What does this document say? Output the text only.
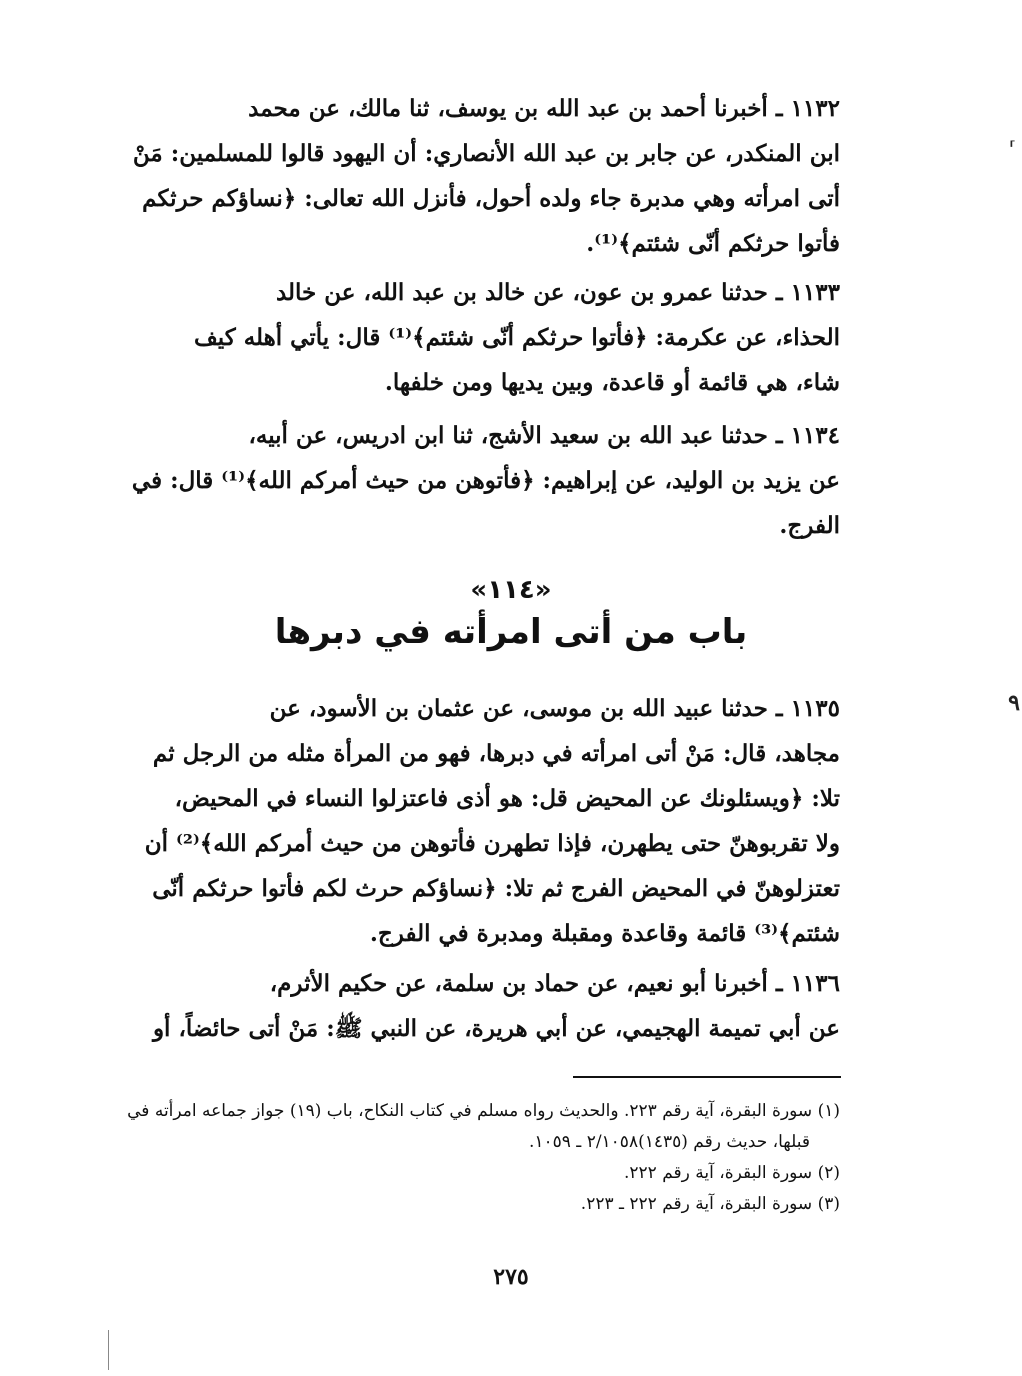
⸢
٩
١١٣٢ ـ أخبرنا أحمد بن عبد الله بن يوسف، ثنا مالك، عن محمد
ابن المنكدر، عن جابر بن عبد الله الأنصاري: أن اليهود قالوا للمسلمين: مَنْ
أتى امرأته وهي مدبرة جاء ولده أحول، فأنزل الله تعالى: ﴿نساؤكم حرثكم
فأتوا حرثكم أنّى شئتم﴾⁽¹⁾.
١١٣٣ ـ حدثنا عمرو بن عون، عن خالد بن عبد الله، عن خالد
الحذاء، عن عكرمة: ﴿فأتوا حرثكم أنّى شئتم﴾⁽¹⁾ قال: يأتي أهله كيف
شاء، هي قائمة أو قاعدة، وبين يديها ومن خلفها.
١١٣٤ ـ حدثنا عبد الله بن سعيد الأشج، ثنا ابن ادريس، عن أبيه،
عن يزيد بن الوليد، عن إبراهيم: ﴿فأتوهن من حيث أمركم الله﴾⁽¹⁾ قال: في
الفرج.
«١١٤»
باب من أتى امرأته في دبرها
١١٣٥ ـ حدثنا عبيد الله بن موسى، عن عثمان بن الأسود، عن
مجاهد، قال: مَنْ أتى امرأته في دبرها، فهو من المرأة مثله من الرجل ثم
تلا: ﴿ويسئلونك عن المحيض قل: هو أذى فاعتزلوا النساء في المحيض،
ولا تقربوهنّ حتى يطهرن، فإذا تطهرن فأتوهن من حيث أمركم الله﴾⁽²⁾ أن
تعتزلوهنّ في المحيض الفرج ثم تلا: ﴿نساؤكم حرث لكم فأتوا حرثكم أنّى
شئتم﴾⁽³⁾ قائمة وقاعدة ومقبلة ومدبرة في الفرج.
١١٣٦ ـ أخبرنا أبو نعيم، عن حماد بن سلمة، عن حكيم الأثرم،
عن أبي تميمة الهجيمي، عن أبي هريرة، عن النبي ﷺ: مَنْ أتى حائضاً، أو
(١) سورة البقرة، آية رقم ٢٢٣. والحديث رواه مسلم في كتاب النكاح، باب (١٩) جواز جماعه امرأته في
قبلها، حديث رقم (١٤٣٥)٢/١٠٥٨ ـ ١٠٥٩.
(٢) سورة البقرة، آية رقم ٢٢٢.
(٣) سورة البقرة، آية رقم ٢٢٢ ـ ٢٢٣.
٢٧٥
